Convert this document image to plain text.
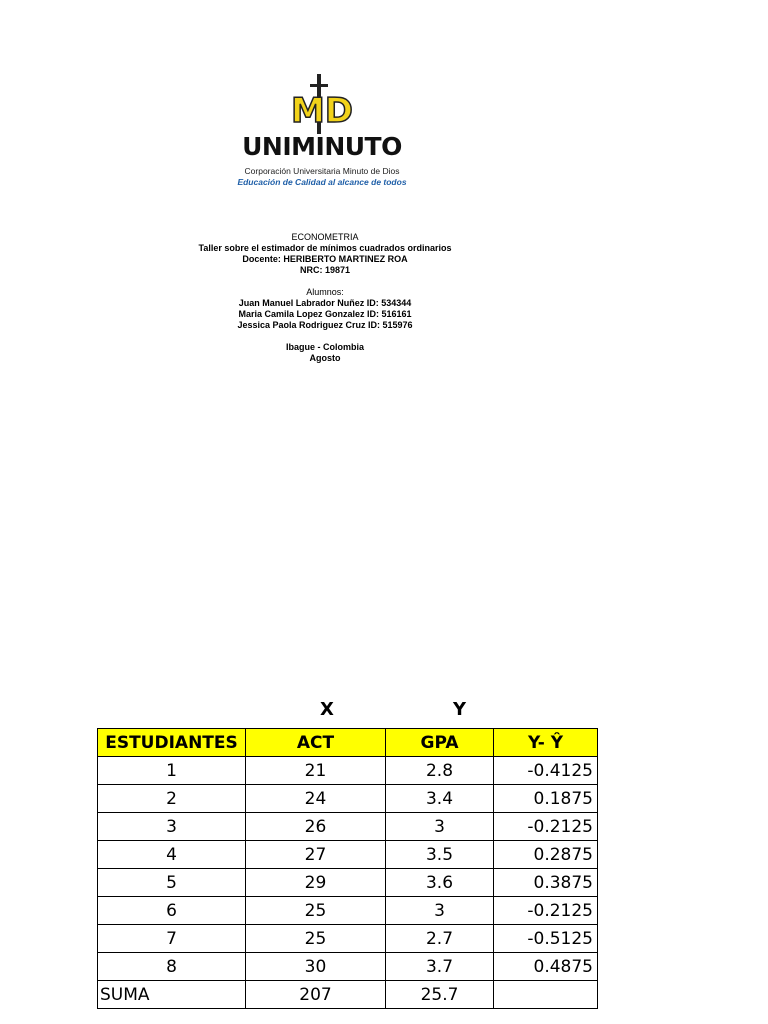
MD
UNIMINUTO
Corporación Universitaria Minuto de Dios
Educación de Calidad al alcance de todos
ECONOMETRIA
Taller sobre el estimador de mínimos cuadrados ordinarios
Docente: HERIBERTO MARTINEZ ROA
NRC: 19871
Alumnos:
Juan Manuel Labrador Nuñez ID: 534344
Maria Camila Lopez Gonzalez ID: 516161
Jessica Paola Rodriguez Cruz ID: 515976
Ibague - Colombia
Agosto
X	Y
ESTUDIANTES	ACT	GPA	Y- Ŷ
1	21	2.8	-0.4125
2	24	3.4	0.1875
3	26	3	-0.2125
4	27	3.5	0.2875
5	29	3.6	0.3875
6	25	3	-0.2125
7	25	2.7	-0.5125
8	30	3.7	0.4875
SUMA	207	25.7	
